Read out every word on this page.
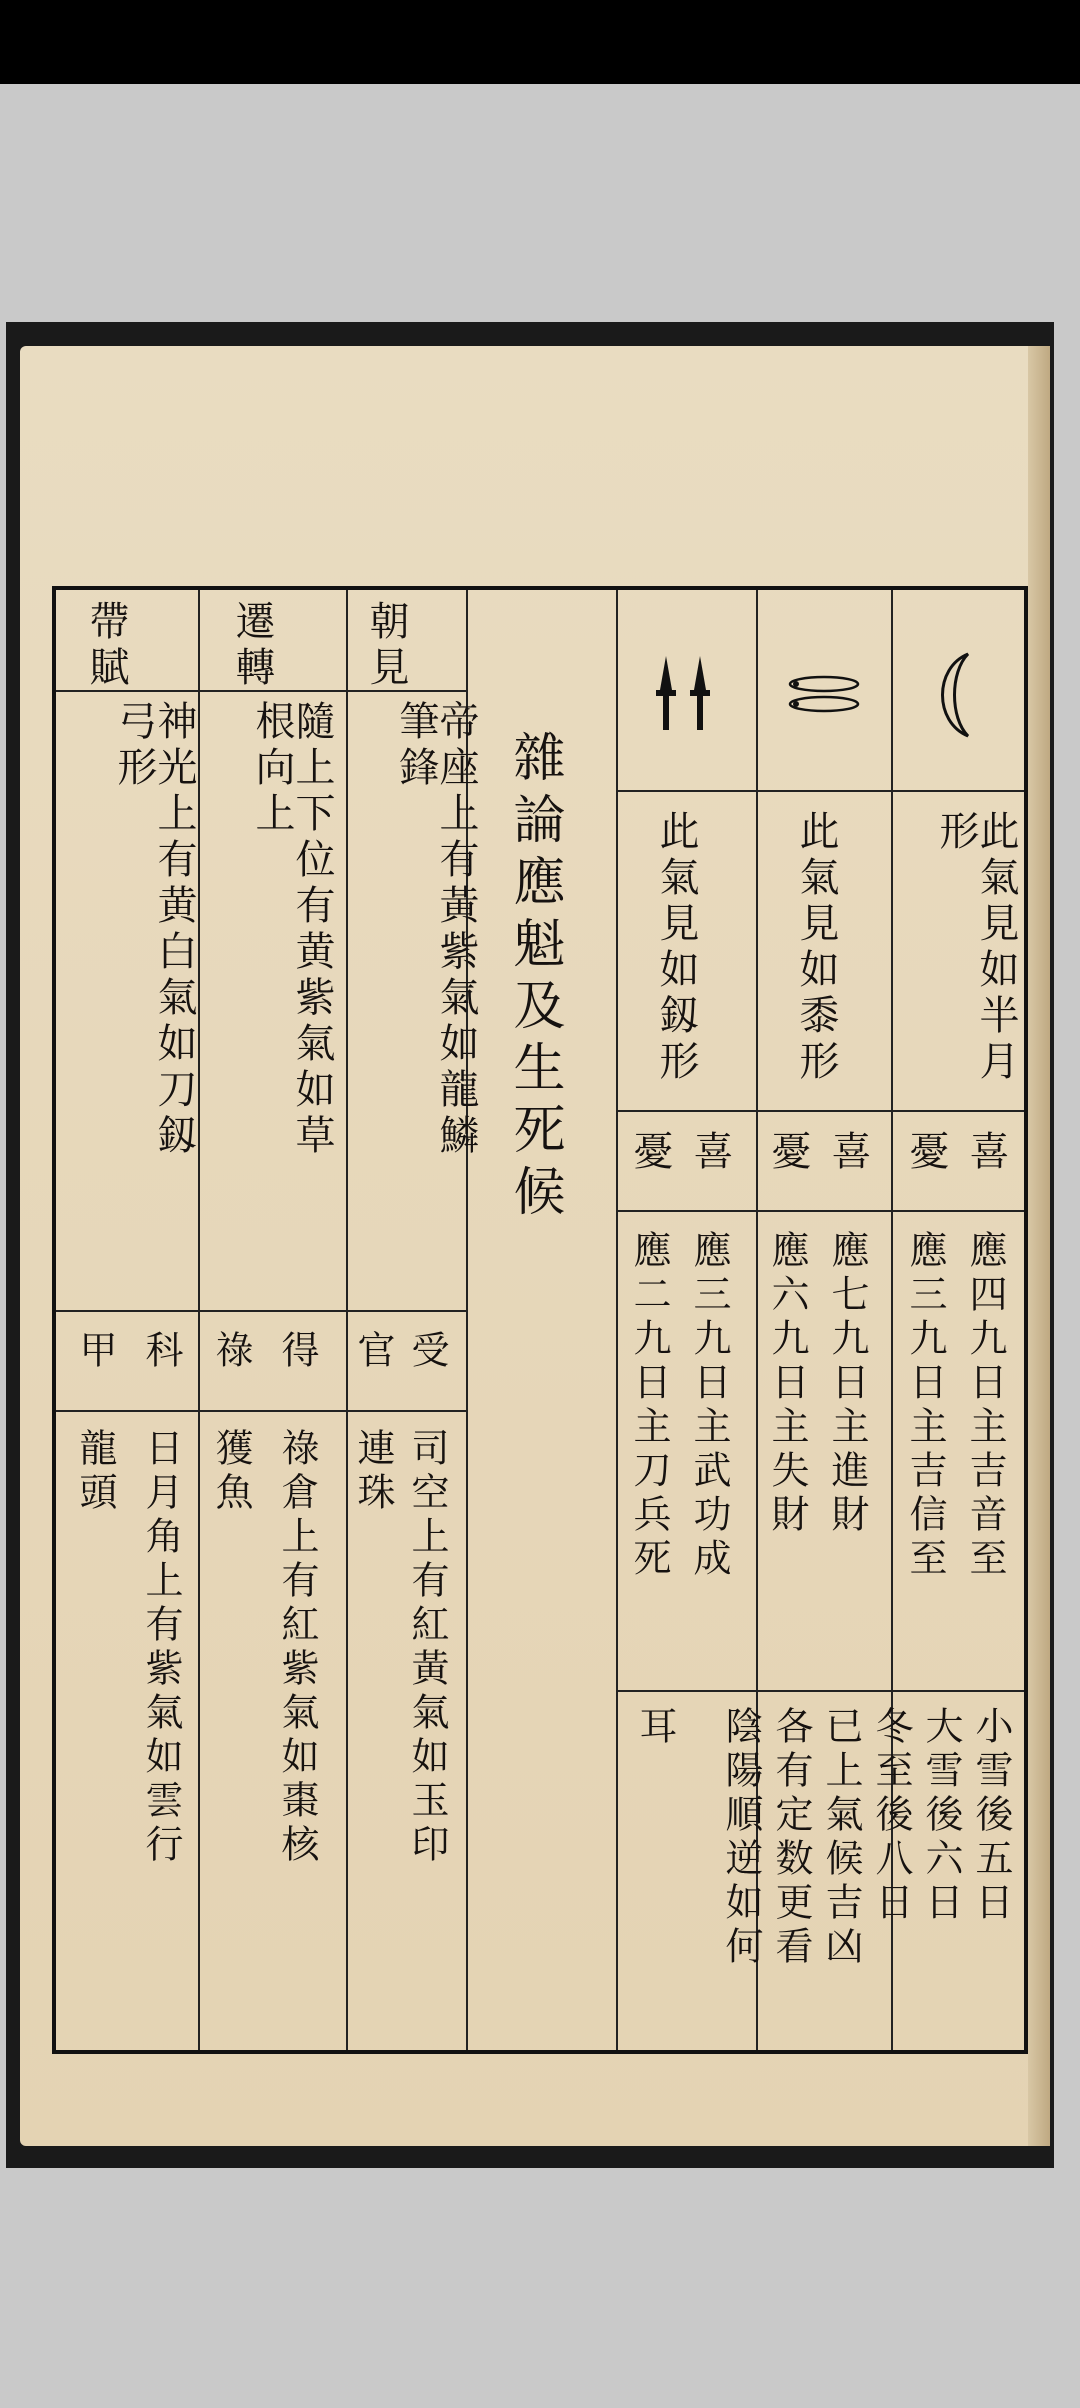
朝見
遷轉
帶賦
帝座上有黃紫氣如龍鱗筆鋒
隨上下位有黄紫氣如草根向上
神光上有黄白氣如刀釼弓形
受
官
得
祿
科
甲
司空上有紅黃氣如玉印
連珠
祿倉上有紅紫氣如棗核
獲魚
日月角上有紫氣如雲行
龍頭
雜論應魁及生死候	此氣見如半月形
此氣見如黍形
此氣見如釼形
喜
憂
喜
憂
喜
憂
應四九日主吉音至
應三九日主吉信至
應七九日主進財
應六九日主失財
應三九日主武功成
應二九日主刀兵死
小雪後五日
大雪後六日
冬至後八日
已上氣候吉凶
各有定数更看
陰陽順逆如何
耳
